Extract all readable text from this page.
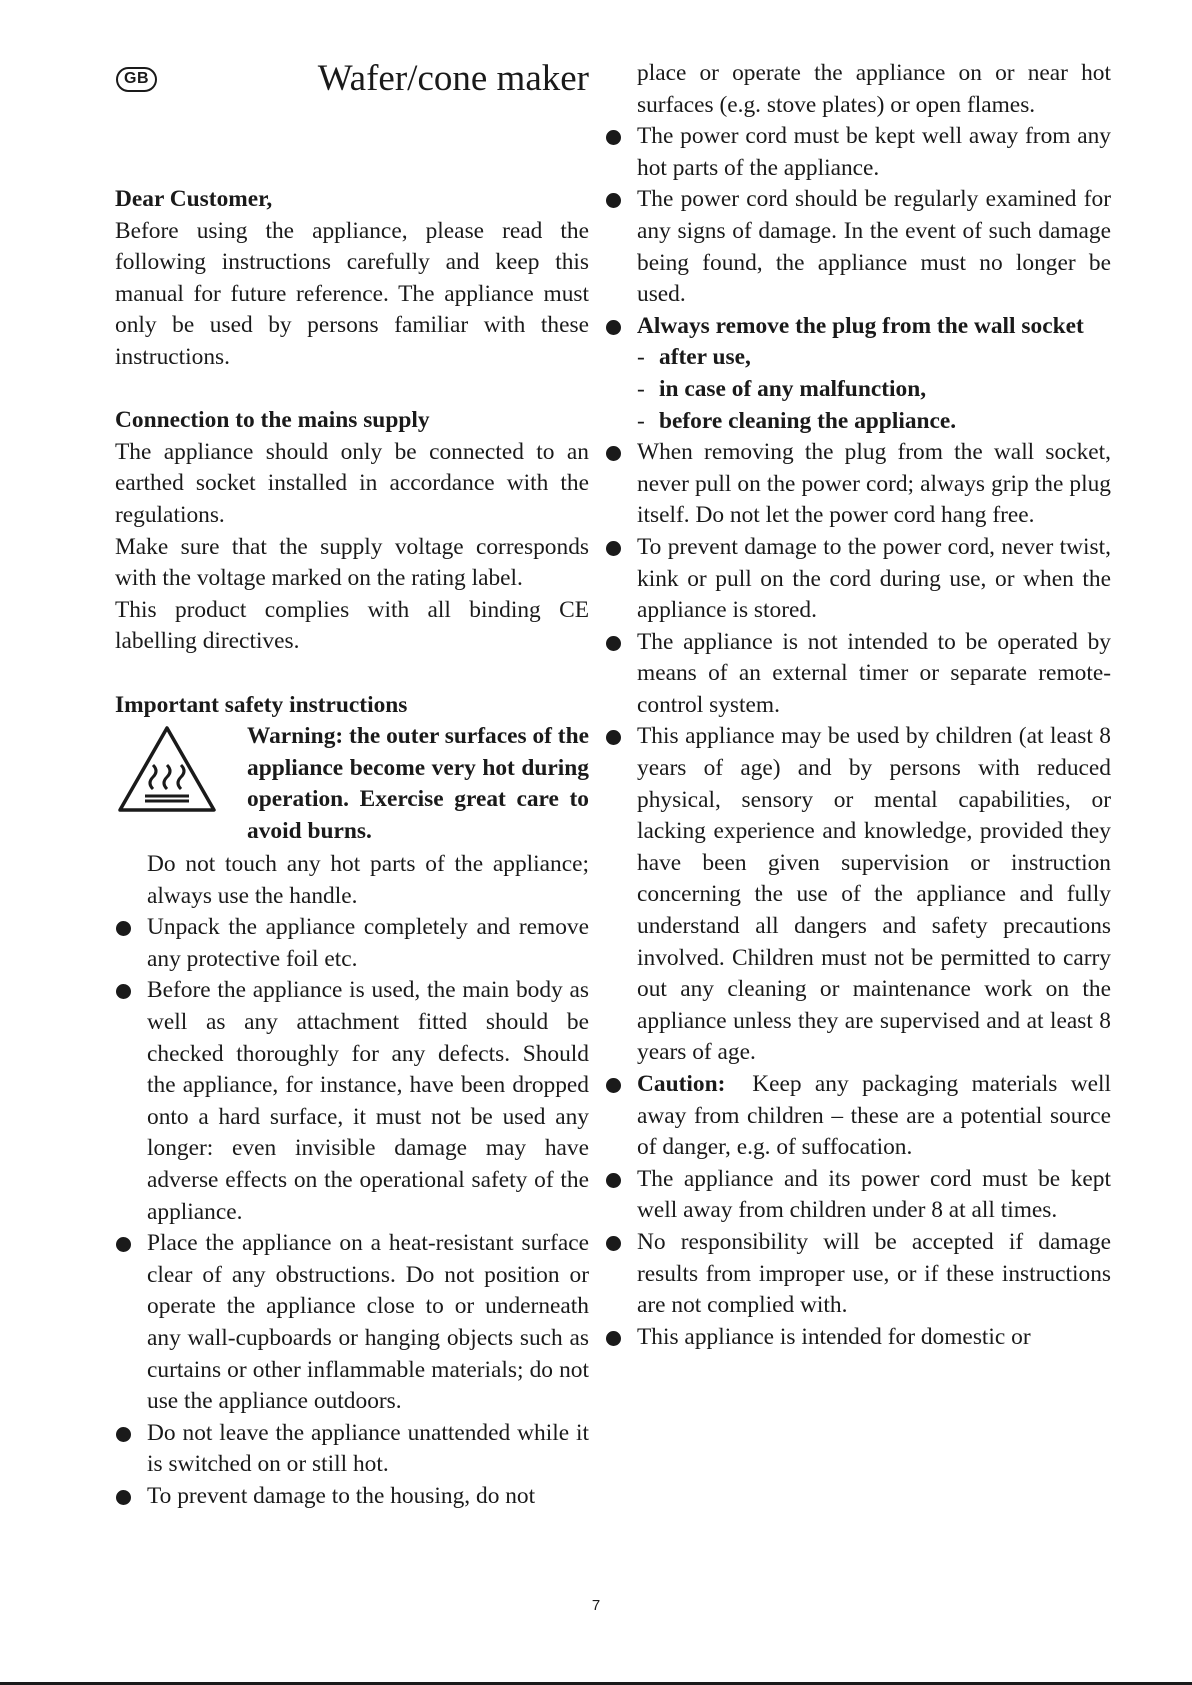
GB	Wafer/cone maker

Dear Customer,

Before using the appliance, please read the following instructions carefully and keep this manual for future reference. The appliance must only be used by persons familiar with these instructions.

Connection to the mains supply

The appliance should only be connected to an earthed socket installed in accordance with the regulations.

Make sure that the supply voltage corresponds with the voltage marked on the rating label.

This product complies with all binding CE labelling directives.

Important safety instructions

Warning: the outer surfaces of the appliance become very hot during operation. Exercise great care to avoid burns.

Do not touch any hot parts of the appliance; always use the handle.

Unpack the appliance completely and remove any protective foil etc.
Before the appliance is used, the main body as well as any attachment fitted should be checked thoroughly for any defects. Should the appliance, for instance, have been dropped onto a hard surface, it must not be used any longer: even invisible damage may have adverse effects on the operational safety of the appliance.
Place the appliance on a heat-resistant surface clear of any obstructions. Do not position or operate the appliance close to or underneath any wall-cupboards or hanging objects such as curtains or other inflammable materials; do not use the appliance outdoors.
Do not leave the appliance unattended while it is switched on or still hot.
To prevent damage to the housing, do not

place or operate the appliance on or near hot surfaces (e.g. stove plates) or open flames.

The power cord must be kept well away from any hot parts of the appliance.
The power cord should be regularly examined for any signs of damage. In the event of such damage being found, the appliance must no longer be used.
Always remove the plug from the wall socket
- after use,
- in case of any malfunction,
- before cleaning the appliance.
When removing the plug from the wall socket, never pull on the power cord; always grip the plug itself. Do not let the power cord hang free.
To prevent damage to the power cord, never twist, kink or pull on the cord during use, or when the appliance is stored.
The appliance is not intended to be operated by means of an external timer or separate remote-control system.
This appliance may be used by children (at least 8 years of age) and by persons with reduced physical, sensory or mental capabilities, or lacking experience and knowledge, provided they have been given supervision or instruction concerning the use of the appliance and fully understand all dangers and safety precautions involved. Children must not be permitted to carry out any cleaning or maintenance work on the appliance unless they are supervised and at least 8 years of age.
Caution: Keep any packaging materials well away from children – these are a potential source of danger, e.g. of suffocation.
The appliance and its power cord must be kept well away from children under 8 at all times.
No responsibility will be accepted if damage results from improper use, or if these instructions are not complied with.
This appliance is intended for domestic or
7
